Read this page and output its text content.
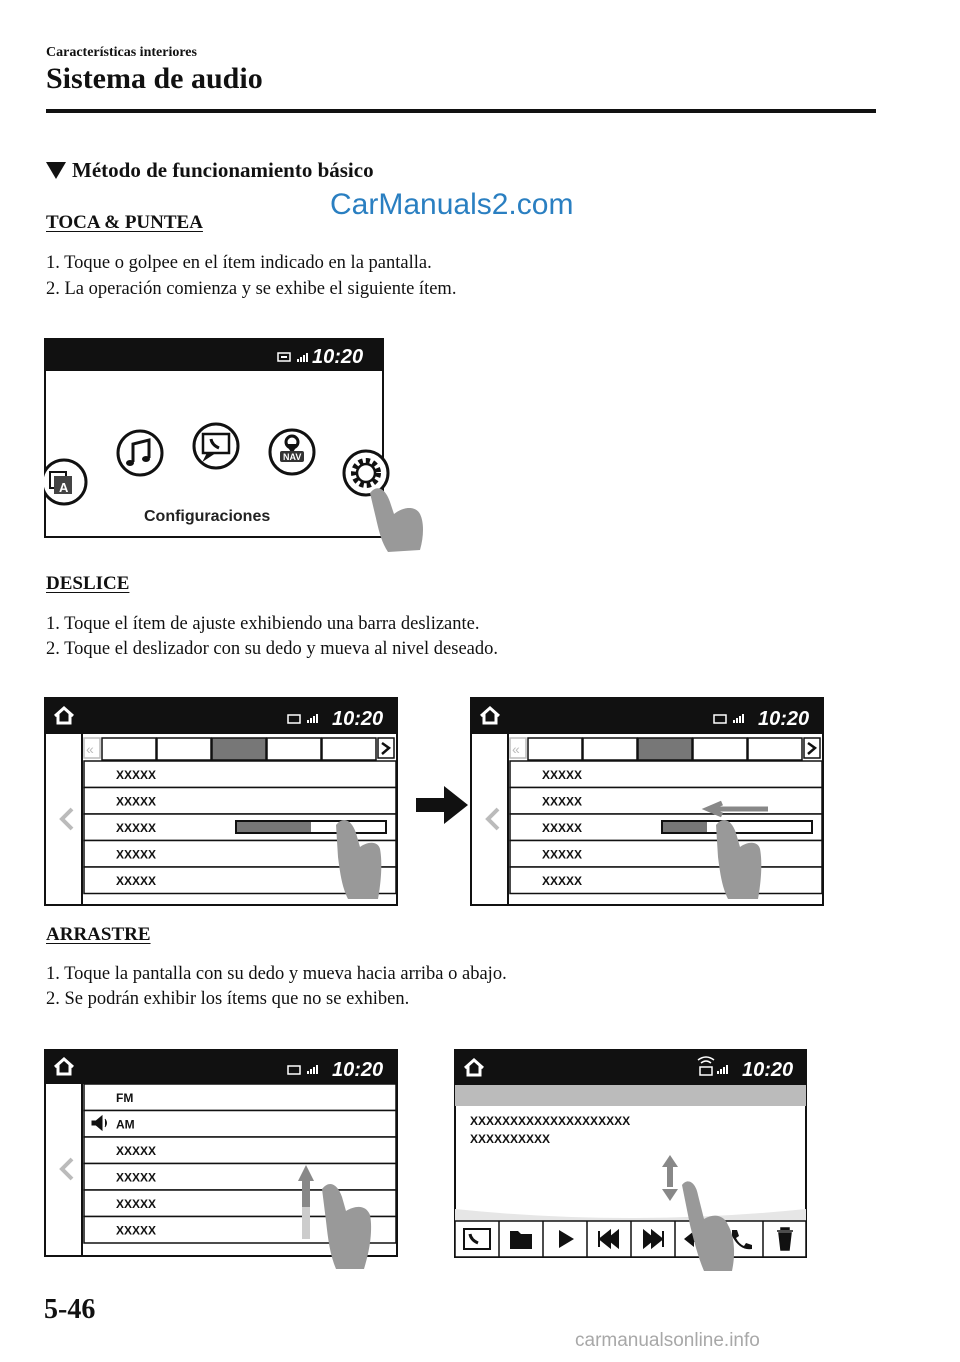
Características interiores
Sistema de audio
Método de funcionamiento básico
CarManuals2.com
TOCA & PUNTEA
1. Toque o golpee en el ítem indicado en la pantalla.
2. La operación comienza y se exhibe el siguiente ítem.
10:20
A
NAV
Configuraciones
DESLICE
1. Toque el ítem de ajuste exhibiendo una barra deslizante.
2. Toque el deslizador con su dedo y mueva al nivel deseado.
10:20
«
XXXXX
XXXXX
XXXXX
XXXXX
XXXXX
10:20
«
XXXXX
XXXXX
XXXXX
XXXXX
XXXXX
ARRASTRE
1. Toque la pantalla con su dedo y mueva hacia arriba o abajo.
2. Se podrán exhibir los ítems que no se exhiben.
10:20
FM
AM
XXXXX
XXXXX
XXXXX
XXXXX
10:20
XXXXXXXXXXXXXXXXXXXX
XXXXXXXXXX
5-46
carmanualsonline.info
